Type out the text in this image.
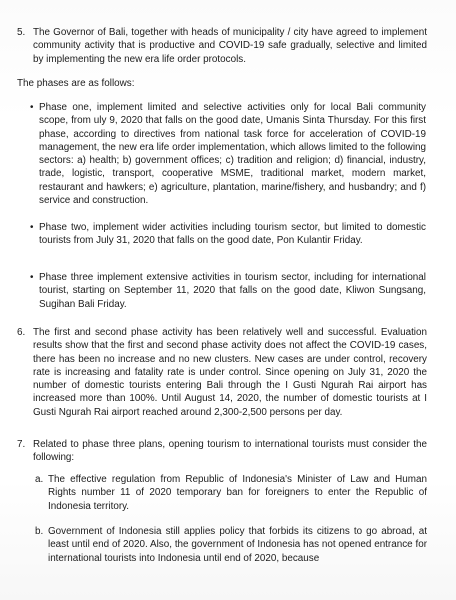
5. The Governor of Bali, together with heads of municipality / city have agreed to implement community activity that is productive and COVID-19 safe gradually, selective and limited by implementing the new era life order protocols.
The phases are as follows:
• Phase one, implement limited and selective activities only for local Bali community scope, from uly 9, 2020 that falls on the good date, Umanis Sinta Thursday. For this first phase, according to directives from national task force for acceleration of COVID-19 management, the new era life order implementation, which allows limited to the following sectors: a) health; b) government offices; c) tradition and religion; d) financial, industry, trade, logistic, transport, cooperative MSME, traditional market, modern market, restaurant and hawkers; e) agriculture, plantation, marine/fishery, and husbandry; and f) service and construction.
• Phase two, implement wider activities including tourism sector, but limited to domestic tourists from July 31, 2020 that falls on the good date, Pon Kulantir Friday.
• Phase three implement extensive activities in tourism sector, including for international tourist, starting on September 11, 2020 that falls on the good date, Kliwon Sungsang, Sugihan Bali Friday.
6. The first and second phase activity has been relatively well and successful. Evaluation results show that the first and second phase activity does not affect the COVID-19 cases, there has been no increase and no new clusters. New cases are under control, recovery rate is increasing and fatality rate is under control. Since opening on July 31, 2020 the number of domestic tourists entering Bali through the I Gusti Ngurah Rai airport has increased more than 100%. Until August 14, 2020, the number of domestic tourists at I Gusti Ngurah Rai airport reached around 2,300-2,500 persons per day.
7. Related to phase three plans, opening tourism to international tourists must consider the following:
a. The effective regulation from Republic of Indonesia's Minister of Law and Human Rights number 11 of 2020 temporary ban for foreigners to enter the Republic of Indonesia territory.
b. Government of Indonesia still applies policy that forbids its citizens to go abroad, at least until end of 2020. Also, the government of Indonesia has not opened entrance for international tourists into Indonesia until end of 2020, because
